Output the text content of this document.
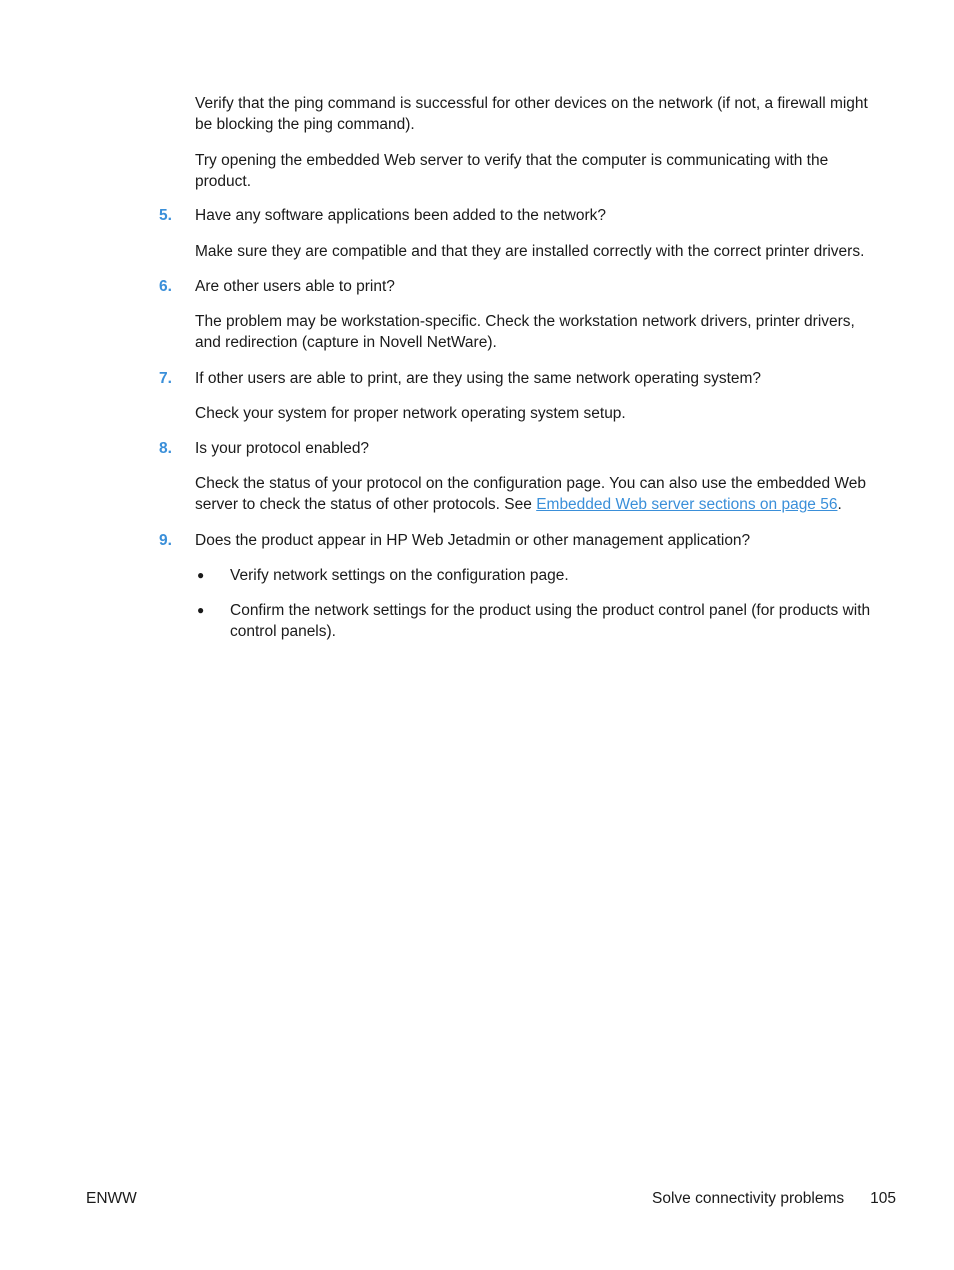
Verify that the ping command is successful for other devices on the network (if not, a firewall might be blocking the ping command).

Try opening the embedded Web server to verify that the computer is communicating with the product.

5. Have any software applications been added to the network?

Make sure they are compatible and that they are installed correctly with the correct printer drivers.

6. Are other users able to print?

The problem may be workstation-specific. Check the workstation network drivers, printer drivers, and redirection (capture in Novell NetWare).

7. If other users are able to print, are they using the same network operating system?

Check your system for proper network operating system setup.

8. Is your protocol enabled?

Check the status of your protocol on the configuration page. You can also use the embedded Web server to check the status of other protocols. See Embedded Web server sections on page 56.

9. Does the product appear in HP Web Jetadmin or other management application?
● Verify network settings on the configuration page.
● Confirm the network settings for the product using the product control panel (for products with control panels).
ENWW	Solve connectivity problems 105
